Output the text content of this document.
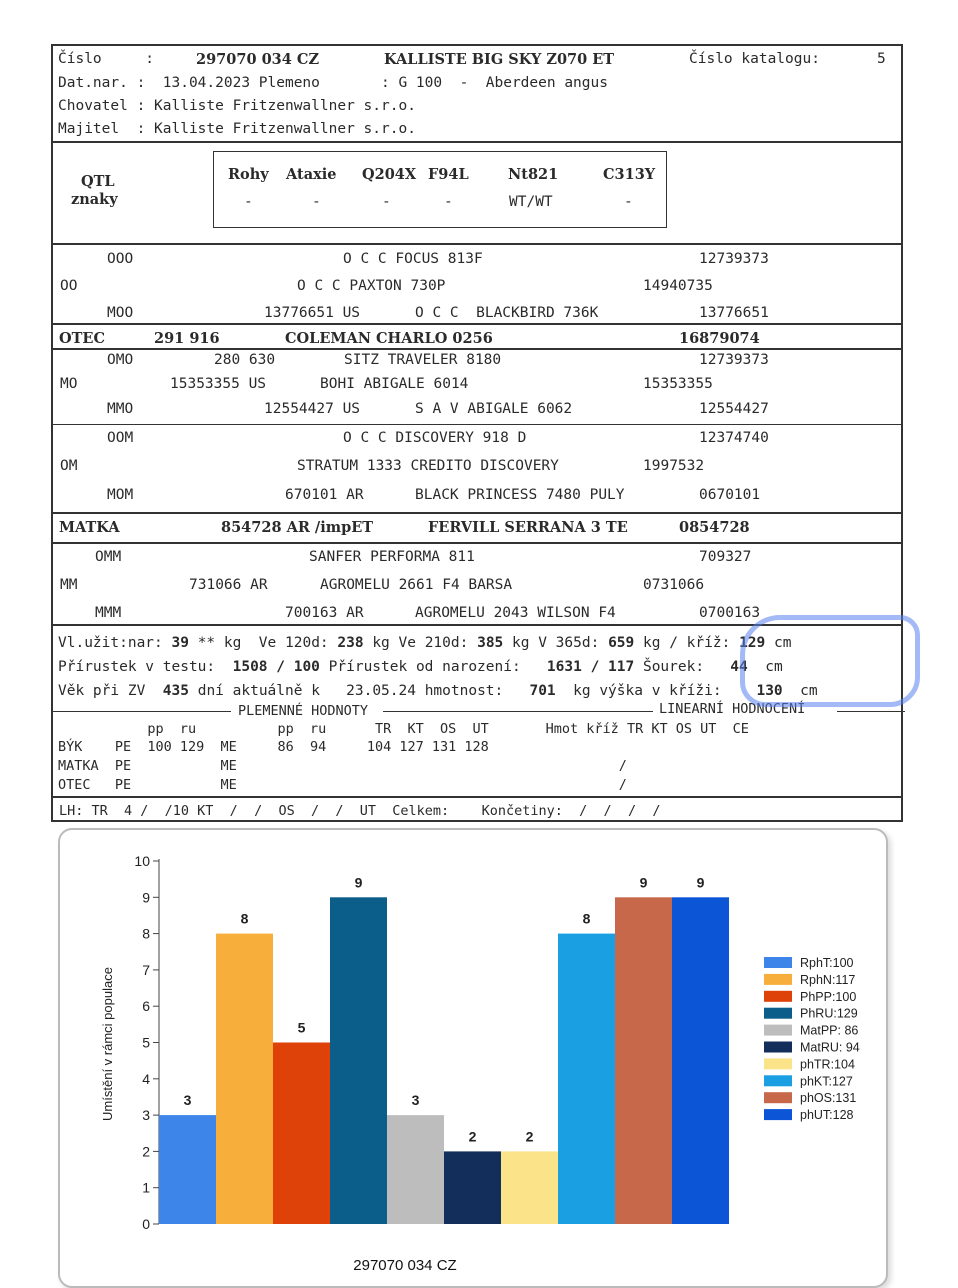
Číslo     :	297070 034 CZ	KALLISTE BIG SKY Z070 ET	Číslo katalogu:	5
Dat.nar. :  13.04.2023 Plemeno       : G 100  -  Aberdeen angus
Chovatel : Kalliste Fritzenwallner s.r.o.
Majitel  : Kalliste Fritzenwallner s.r.o.
QTL
znaky
Rohy
-
Ataxie
-
Q204X
-
F94L
-
Nt821
WT/WT
C313Y
-
OOO	O C C FOCUS 813F	12739373
OO	O C C PAXTON 730P	14940735
MOO	13776651 US	O C C  BLACKBIRD 736K	13776651
OTEC	291 916	COLEMAN CHARLO 0256	16879074
OMO	280 630	SITZ TRAVELER 8180	12739373
MO	15353355 US	BOHI ABIGALE 6014	15353355
MMO	12554427 US	S A V ABIGALE 6062	12554427
OOM	O C C DISCOVERY 918 D	12374740
OM	STRATUM 1333 CREDITO DISCOVERY	1997532
MOM	670101 AR	BLACK PRINCESS 7480 PULY	0670101
MATKA	854728 AR /impET	FERVILL SERRANA 3 TE	0854728
OMM	SANFER PERFORMA 811	709327
MM	731066 AR	AGROMELU 2661 F4 BARSA	0731066
MMM	700163 AR	AGROMELU 2043 WILSON F4	0700163
Vl.užit:nar: 39 ** kg  Ve 120d: 238 kg Ve 210d: 385 kg V 365d: 659 kg / kříž: 129 cm
Přírustek v testu: 1508 / 100 Přírustek od narození: 1631 / 117 Šourek: 44 cm
Věk při ZV 435 dní aktuálně k   23.05.24 hmotnost: 701 kg výška v kříži: 130 cm
PLEMENNÉ HODNOTY	LINEARNÍ HODNOCENÍ
pp  ru          pp  ru      TR  KT  OS  UT       Hmot kříž TR KT OS UT  CE
BÝK    PE  100 129  ME     86  94     104 127 131 128
MATKA  PE           ME                                               /
OTEC   PE           ME                                               /
LH: TR  4 /  /10 KT  /  /  OS  /  /  UT  Celkem:    Končetiny:  /  /  /  /
Umístění v rámci populace
297070 034 CZ
0
1
2
3
4
5
6
7
8
9
10
3
8
5
9
3
2	2
8
9	9
RphT:100
RphN:117
PhPP:100
PhRU:129
MatPP: 86
MatRU: 94
phTR:104
phKT:127
phOS:131
phUT:128
